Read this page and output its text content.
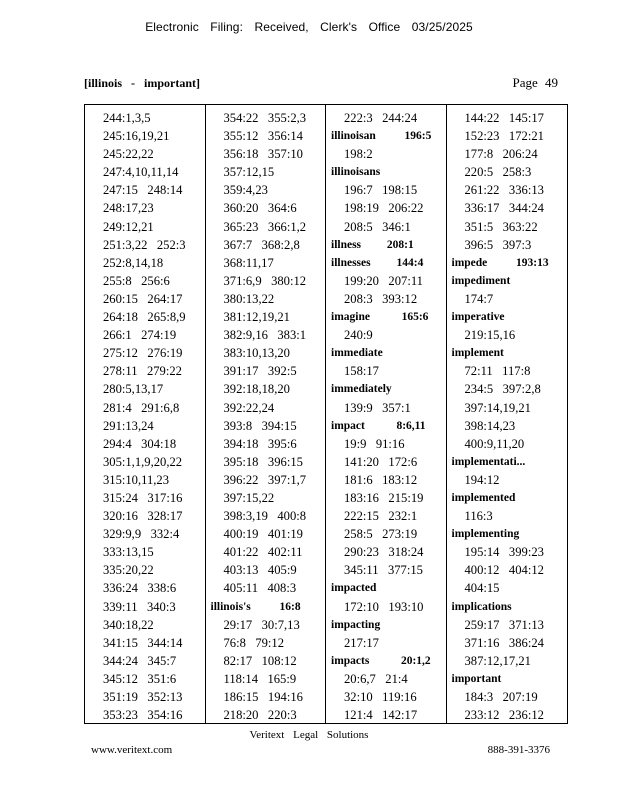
Electronic Filing: Received, Clerk's Office 03/25/2025
[illinois - important]	Page 49
244:1,3,5
245:16,19,21
245:22,22
247:4,10,11,14
247:15   248:14
248:17,23
249:12,21
251:3,22   252:3
252:8,14,18
255:8   256:6
260:15   264:17
264:18   265:8,9
266:1   274:19
275:12   276:19
278:11   279:22
280:5,13,17
281:4   291:6,8
291:13,24
294:4   304:18
305:1,1,9,20,22
315:10,11,23
315:24   317:16
320:16   328:17
329:9,9   332:4
333:13,15
335:20,22
336:24   338:6
339:11   340:3
340:18,22
341:15   344:14
344:24   345:7
345:12   351:6
351:19   352:13
353:23   354:16
354:22   355:2,3
355:12   356:14
356:18   357:10
357:12,15
359:4,23
360:20   364:6
365:23   366:1,2
367:7   368:2,8
368:11,17
371:6,9   380:12
380:13,22
381:12,19,21
382:9,16   383:1
383:10,13,20
391:17   392:5
392:18,18,20
392:22,24
393:8   394:15
394:18   395:6
395:18   396:15
396:22   397:1,7
397:15,22
398:3,19   400:8
400:19   401:19
401:22   402:11
403:13   405:9
405:11   408:3
illinois's          16:8
29:17   30:7,13
76:8   79:12
82:17   108:12
118:14   165:9
186:15   194:16
218:20   220:3
222:3   244:24
illinoisan          196:5
198:2
illinoisans
196:7   198:15
198:19   206:22
208:5   346:1
illness         208:1
illnesses         144:4
199:20   207:11
208:3   393:12
imagine           165:6
240:9
immediate
158:17
immediately
139:9   357:1
impact           8:6,11
19:9   91:16
141:20   172:6
181:6   183:12
183:16   215:19
222:15   232:1
258:5   273:19
290:23   318:24
345:11   377:15
impacted
172:10   193:10
impacting
217:17
impacts           20:1,2
20:6,7   21:4
32:10   119:16
121:4   142:17
144:22   145:17
152:23   172:21
177:8   206:24
220:5   258:3
261:22   336:13
336:17   344:24
351:5   363:22
396:5   397:3
impede          193:13
impediment
174:7
imperative
219:15,16
implement
72:11   117:8
234:5   397:2,8
397:14,19,21
398:14,23
400:9,11,20
implementati...
194:12
implemented
116:3
implementing
195:14   399:23
400:12   404:12
404:15
implications
259:17   371:13
371:16   386:24
387:12,17,21
important
184:3   207:19
233:12   236:12
Veritext Legal Solutions
www.veritext.com	888-391-3376
